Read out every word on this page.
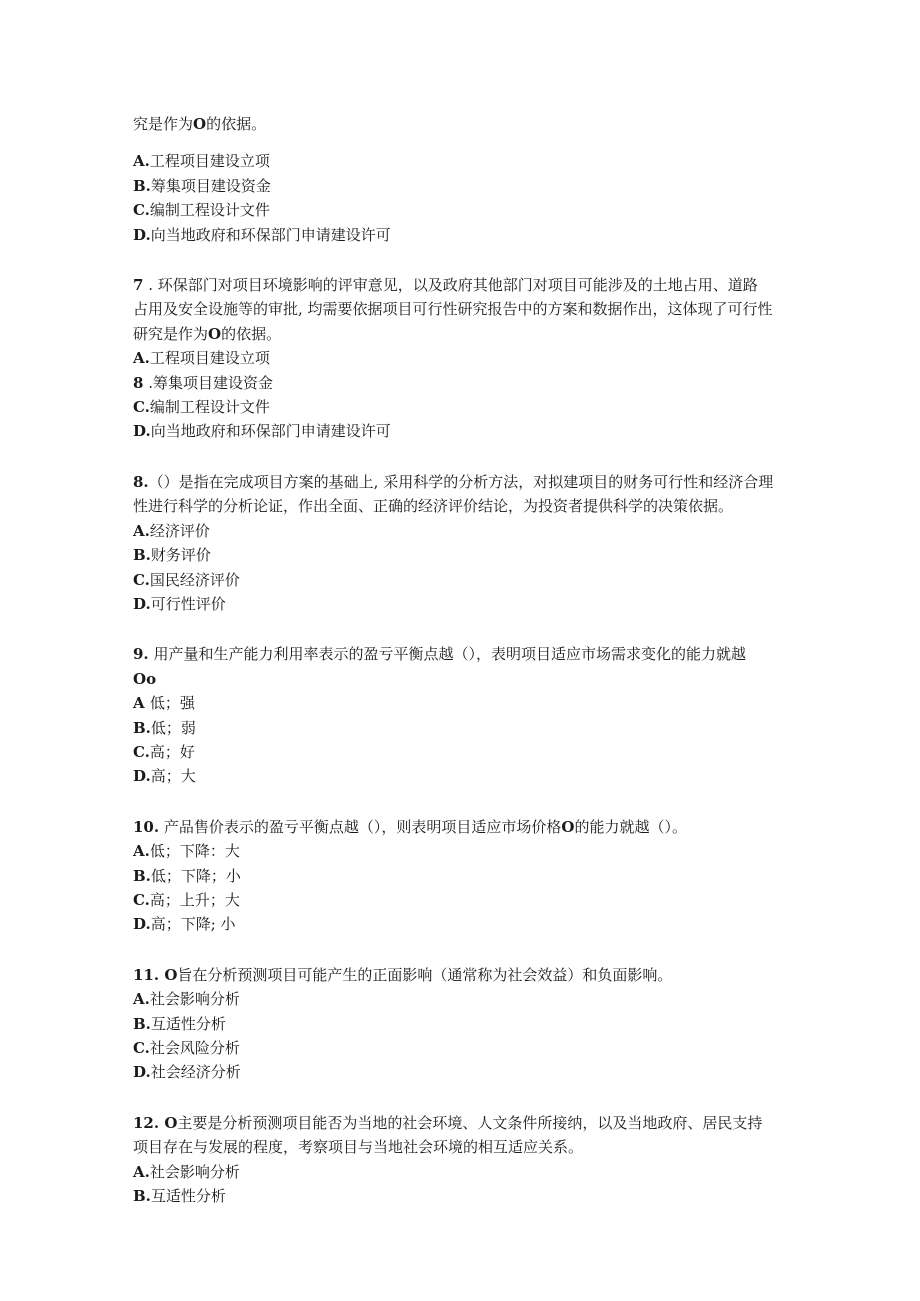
究是作为O的依据。
A.工程项目建设立项
B.筹集项目建设资金
C.编制工程设计文件
D.向当地政府和环保部门申请建设许可
7 . 环保部门对项目环境影响的评审意见，以及政府其他部门对项目可能涉及的土地占用、道路
占用及安全设施等的审批, 均需要依据项目可行性研究报告中的方案和数据作出，这体现了可行性
研究是作为O的依据。
A.工程项目建设立项
8 .筹集项目建设资金
C.编制工程设计文件
D.向当地政府和环保部门申请建设许可
8.（）是指在完成项目方案的基础上, 采用科学的分析方法，对拟建项目的财务可行性和经济合理
性进行科学的分析论证，作出全面、正确的经济评价结论，为投资者提供科学的决策依据。
A.经济评价
B.财务评价
C.国民经济评价
D.可行性评价
9. 用产量和生产能力利用率表示的盈亏平衡点越（），表明项目适应市场需求变化的能力就越
Oo
A 低；强
B.低；弱
C.高；好
D.高；大
10. 产品售价表示的盈亏平衡点越（），则表明项目适应市场价格O的能力就越（）。
A.低；下降：大
B.低；下降；小
C.高；上升；大
D.高；下降; 小
11. O旨在分析预测项目可能产生的正面影响（通常称为社会效益）和负面影响。
A.社会影响分析
B.互适性分析
C.社会风险分析
D.社会经济分析
12. O主要是分析预测项目能否为当地的社会环境、人文条件所接纳，以及当地政府、居民支持
项目存在与发展的程度，考察项目与当地社会环境的相互适应关系。
A.社会影响分析
B.互适性分析
